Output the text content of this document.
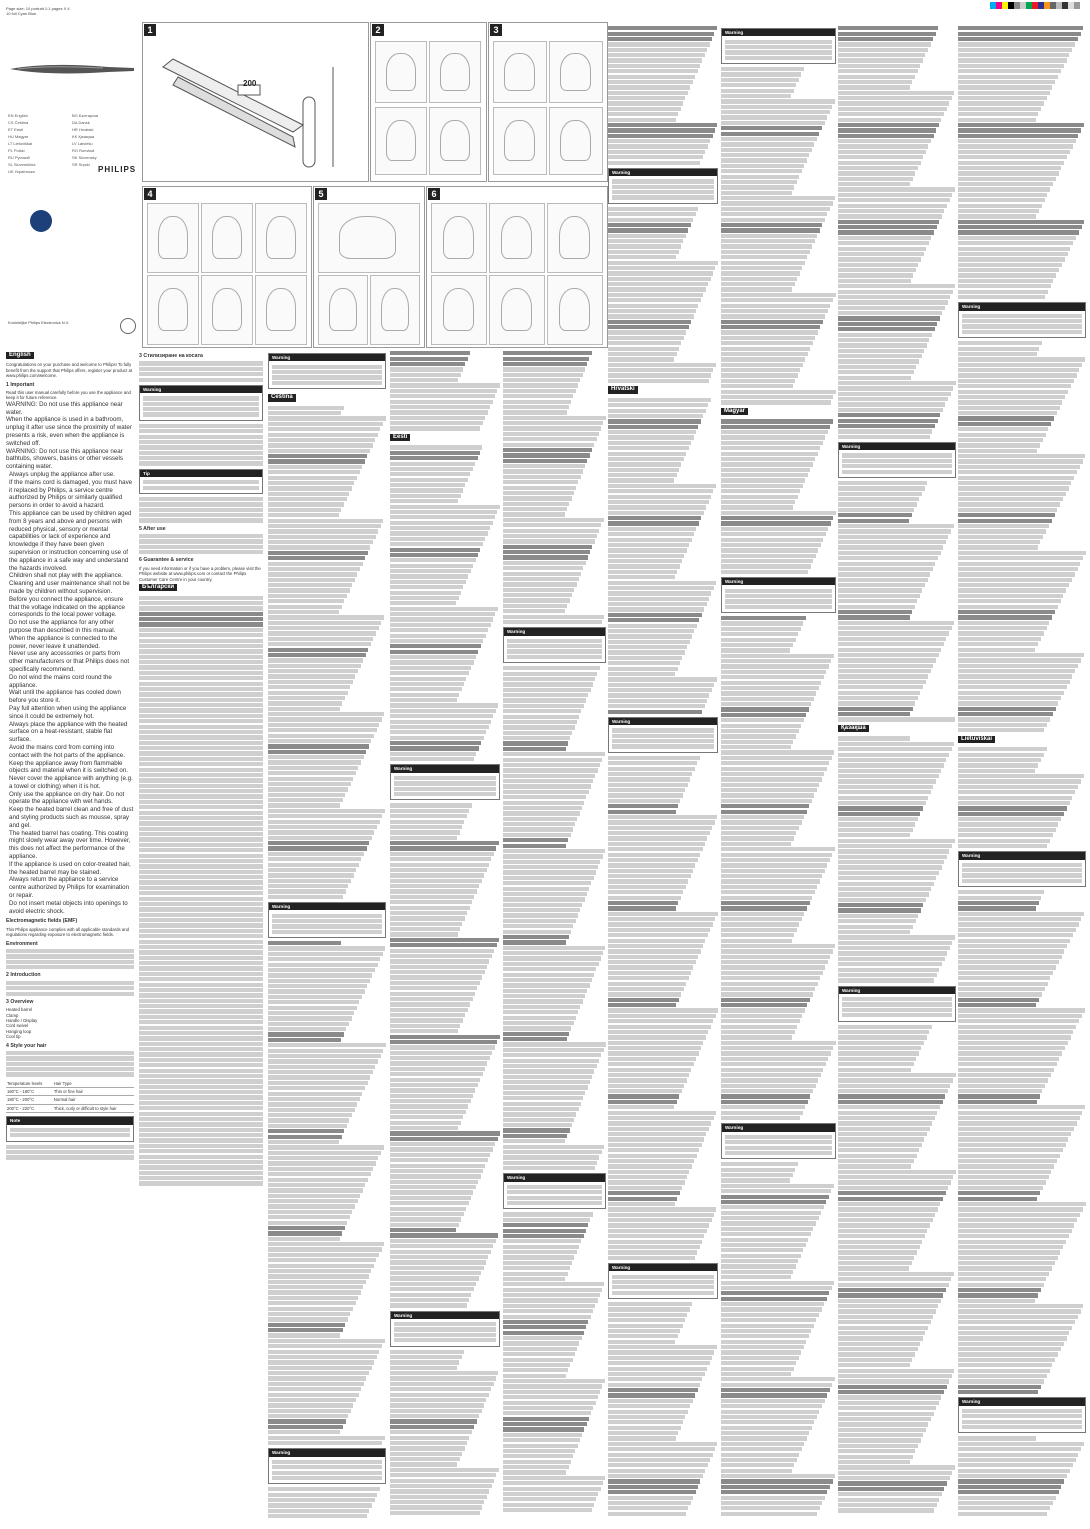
Page size: 10 portrait 1:1 pages X 4
10 full Cyan Blue
EN English	BG Български
CS Čeština	DA Dansk
ET Eesti	HR Hrvatski
HU Magyar	KK Қазақша
LT Lietuviškai	LV Latviešu
PL Polski	RO Română
RU Русский	SK Slovensky
SL Slovenščina	SR Srpski
UK Українська	PHILIPS
Koninklijke Philips Electronics N.V.
1
200
2	3
4	5	6
English
Congratulations on your purchase and welcome to Philips! To fully benefit from the support that Philips offers, register your product at www.philips.com/welcome.
1 Important
Read this user manual carefully before you use the appliance and keep it for future reference.
WARNING: Do not use this appliance near water.
When the appliance is used in a bathroom, unplug it after use since the proximity of water presents a risk, even when the appliance is switched off.
WARNING: Do not use this appliance near bathtubs, showers, basins or other vessels containing water.
Always unplug the appliance after use.
If the mains cord is damaged, you must have it replaced by Philips, a service centre authorized by Philips or similarly qualified persons in order to avoid a hazard.
This appliance can be used by children aged from 8 years and above and persons with reduced physical, sensory or mental capabilities or lack of experience and knowledge if they have been given supervision or instruction concerning use of the appliance in a safe way and understand the hazards involved.
Children shall not play with the appliance.
Cleaning and user maintenance shall not be made by children without supervision.
Before you connect the appliance, ensure that the voltage indicated on the appliance corresponds to the local power voltage.
Do not use the appliance for any other purpose than described in this manual.
When the appliance is connected to the power, never leave it unattended.
Never use any accessories or parts from other manufacturers or that Philips does not specifically recommend.
Do not wind the mains cord round the appliance.
Wait until the appliance has cooled down before you store it.
Pay full attention when using the appliance since it could be extremely hot.
Always place the appliance with the heated surface on a heat-resistant, stable flat surface.
Avoid the mains cord from coming into contact with the hot parts of the appliance.
Keep the appliance away from flammable objects and material when it is switched on.
Never cover the appliance with anything (e.g. a towel or clothing) when it is hot.
Only use the appliance on dry hair. Do not operate the appliance with wet hands.
Keep the heated barrel clean and free of dust and styling products such as mousse, spray and gel.
The heated barrel has coating. This coating might slowly wear away over time. However, this does not affect the performance of the appliance.
If the appliance is used on color-treated hair, the heated barrel may be stained.
Always return the appliance to a service centre authorized by Philips for examination or repair.
Do not insert metal objects into openings to avoid electric shock.
Electromagnetic fields (EMF)
This Philips appliance complies with all applicable standards and regulations regarding exposure to electromagnetic fields.
Environment
2 Introduction
3 Overview
Heated barrel
Clamp
Handle / Display
Cord swivel
Hanging loop
Cool tip
4 Style your hair
Temperature levels	Hair Type
160°C - 180°C	Thin or fine hair
180°C - 200°C	Normal hair
200°C - 220°C	Thick, curly or difficult to style hair
Note
3 Стилизиране на косата
Warning
Tip
5 After use
6 Guarantee & service
If you need information or if you have a problem, please visit the Philips website at www.philips.com or contact the Philips Customer Care Centre in your country.
Български
Warning
Čeština
Warning
Warning
Eesti
Warning
Warning
Warning
Warning
Warning
Hrvatski
Warning
Warning
Warning
Magyar
Warning
Warning
Warning
Қазақша
Warning
Warning
Lietuviškai
Warning
Warning
